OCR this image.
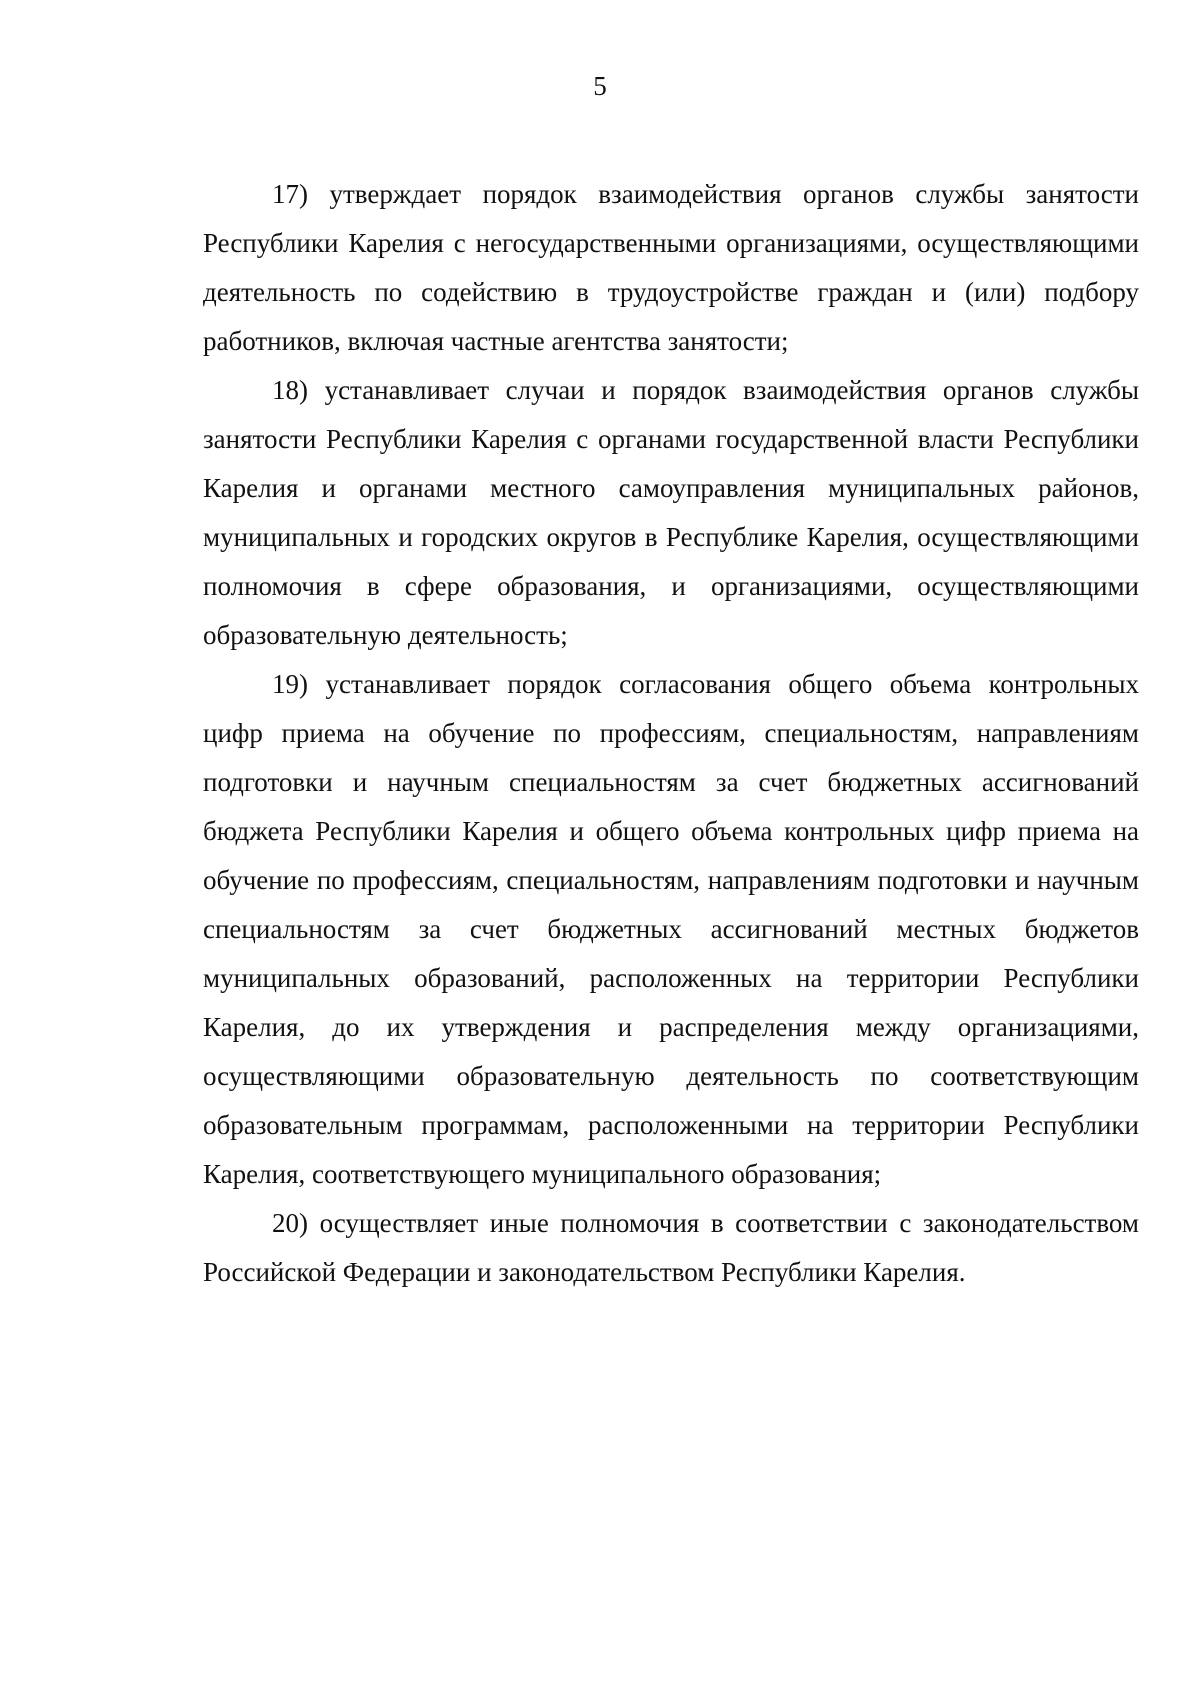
5

17) утверждает порядок взаимодействия органов службы занятости Республики Карелия с негосударственными организациями, осуществляющими деятельность по содействию в трудоустройстве граждан и (или) подбору работников, включая частные агентства занятости;

18) устанавливает случаи и порядок взаимодействия органов службы занятости Республики Карелия с органами государственной власти Республики Карелия и органами местного самоуправления муниципальных районов, муниципальных и городских округов в Республике Карелия, осуществляющими полномочия в сфере образования, и организациями, осуществляющими образовательную деятельность;

19) устанавливает порядок согласования общего объема контрольных цифр приема на обучение по профессиям, специальностям, направлениям подготовки и научным специальностям за счет бюджетных ассигнований бюджета Республики Карелия и общего объема контрольных цифр приема на обучение по профессиям, специальностям, направлениям подготовки и научным специальностям за счет бюджетных ассигнований местных бюджетов муниципальных образований, расположенных на территории Республики Карелия, до их утверждения и распределения между организациями, осуществляющими образовательную деятельность по соответствующим образовательным программам, расположенными на территории Республики Карелия, соответствующего муниципального образования;

20) осуществляет иные полномочия в соответствии с законодательством Российской Федерации и законодательством Республики Карелия.
